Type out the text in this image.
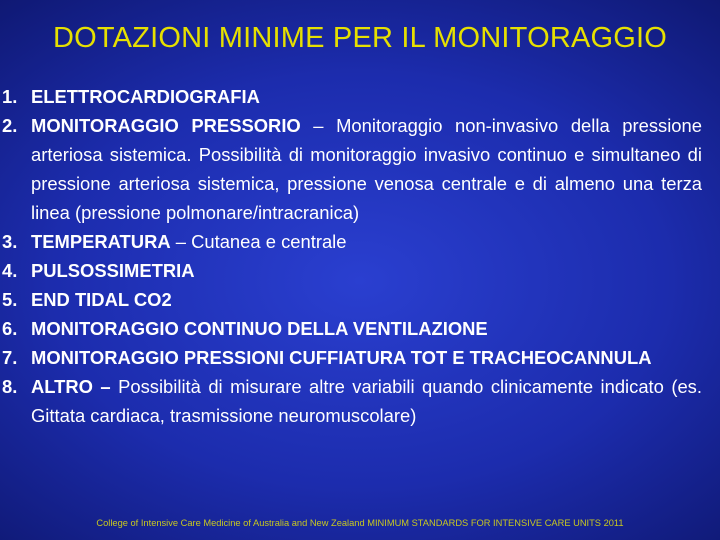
DOTAZIONI MINIME PER IL MONITORAGGIO
1. ELETTROCARDIOGRAFIA
2. MONITORAGGIO PRESSORIO – Monitoraggio non-invasivo della pressione arteriosa sistemica. Possibilità di monitoraggio invasivo continuo e simultaneo di pressione arteriosa sistemica, pressione venosa centrale e di almeno una terza linea (pressione polmonare/intracranica)
3. TEMPERATURA – Cutanea e centrale
4. PULSOSSIMETRIA
5. END TIDAL CO2
6. MONITORAGGIO CONTINUO DELLA VENTILAZIONE
7. MONITORAGGIO PRESSIONI CUFFIATURA TOT E TRACHEOCANNULA
8. ALTRO – Possibilità di misurare altre variabili quando clinicamente indicato (es. Gittata cardiaca, trasmissione neuromuscolare)
College of Intensive Care Medicine of Australia and New Zealand MINIMUM STANDARDS FOR INTENSIVE CARE UNITS 2011
